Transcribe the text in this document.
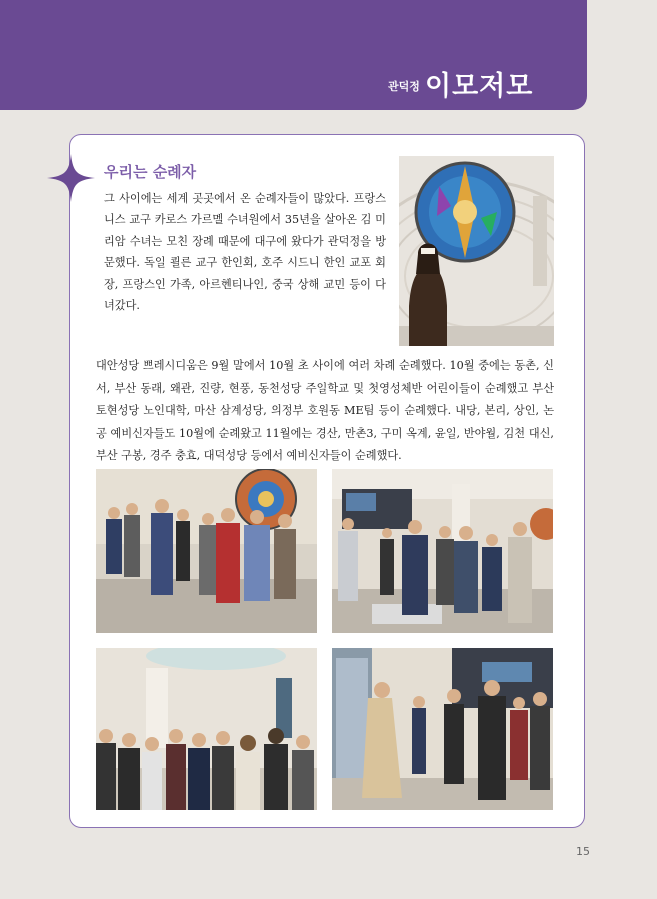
관덕정 이모저모
우리는 순례자

그 사이에는 세계 곳곳에서 온 순례자들이 많았다. 프랑스 니스 교구 카로스 가르멜 수녀원에서 35년을 살아온 김 미리암 수녀는 모친 장례 때문에 대구에 왔다가 관덕정을 방문했다. 독일 쾰른 교구 한인회, 호주 시드니 한인 교포 회장, 프랑스인 가족, 아르헨티나인, 중국 상해 교민 등이 다녀갔다.

대안성당 쁘레시디움은 9월 말에서 10월 초 사이에 여러 차례 순례했다. 10월 중에는 동촌, 신서, 부산 동래, 왜관, 진량, 현풍, 동천성당 주일학교 및 첫영성체반 어린이들이 순례했고 부산 토현성당 노인대학, 마산 삼계성당, 의정부 호원동 ME팀 등이 순례했다. 내당, 본리, 상인, 논공 예비신자들도 10월에 순례왔고 11월에는 경산, 만촌3, 구미 옥계, 윤일, 반야월, 김천 대신, 부산 구봉, 경주 충효, 대덕성당 등에서 예비신자들이 순례했다.

15
